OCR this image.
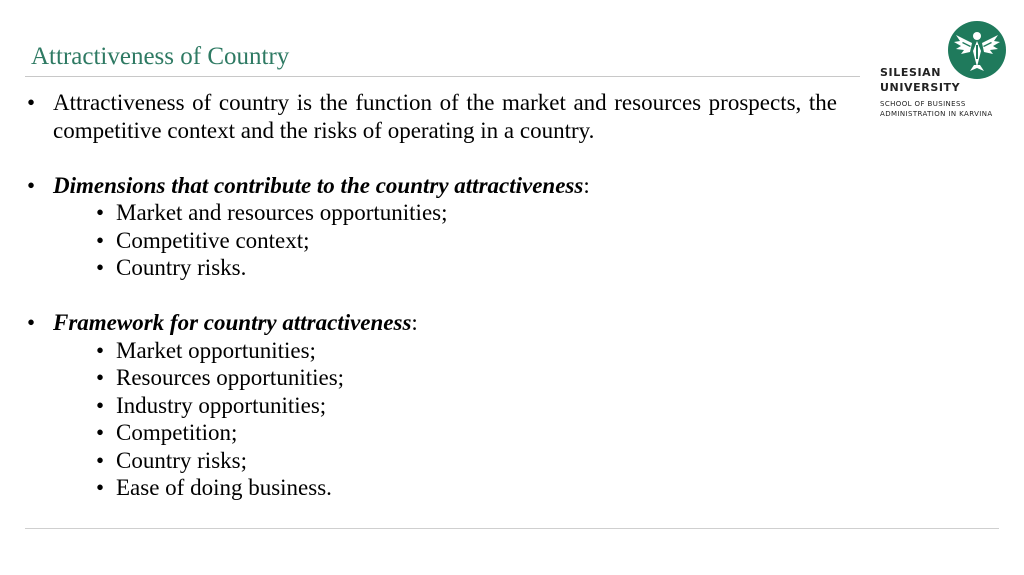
Attractiveness of Country
SILESIAN
UNIVERSITY
SCHOOL OF BUSINESS
ADMINISTRATION IN KARVINA
• Attractiveness of country is the function of the market and resources prospects, the competitive context and the risks of operating in a country.
• Dimensions that contribute to the country attractiveness:
• Market and resources opportunities;
• Competitive context;
• Country risks.
• Framework for country attractiveness:
• Market opportunities;
• Resources opportunities;
• Industry opportunities;
• Competition;
• Country risks;
• Ease of doing business.
